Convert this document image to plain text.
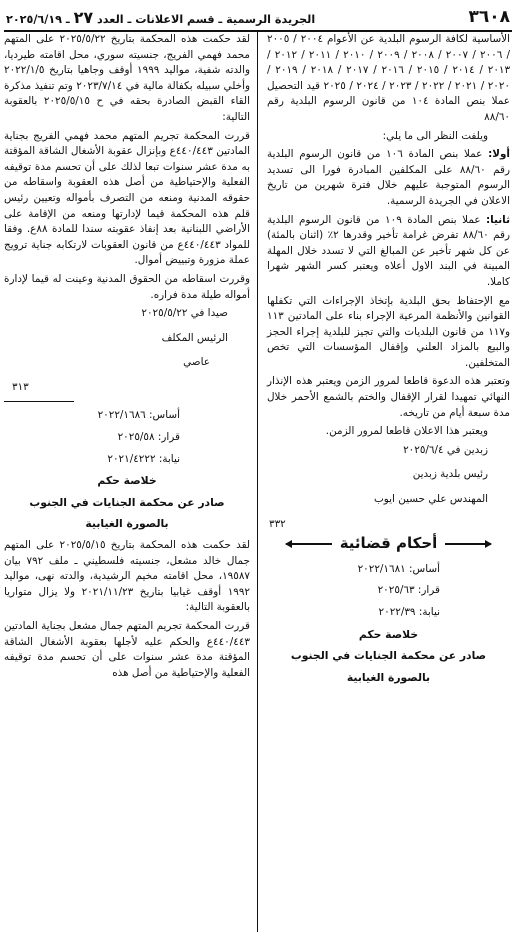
٣٦٠٨
الجريدة الرسمية ـ قسم الاعلانات ـ العدد ٢٧ ـ ٢٠٢٥/٦/١٩

الأساسية لكافة الرسوم البلدية عن الأعوام ٢٠٠٤ / ٢٠٠٥ / ٢٠٠٦ / ٢٠٠٧ / ٢٠٠٨ / ٢٠٠٩ / ٢٠١٠ / ٢٠١١ / ٢٠١٢ / ٢٠١٣ / ٢٠١٤ / ٢٠١٥ / ٢٠١٦ / ٢٠١٧ / ٢٠١٨ / ٢٠١٩ / ٢٠٢٠ / ٢٠٢١ / ٢٠٢٢ / ٢٠٢٣ / ٢٠٢٤ / ٢٠٢٥ قيد التحصيل عملا بنص المادة ١٠٤ من قانون الرسوم البلدية رقم ٨٨/٦٠

ويلفت النظر الى ما يلي:

أولا: عملا بنص المادة ١٠٦ من قانون الرسوم البلدية رقم ٨٨/٦٠ على المكلفين المبادرة فورا الى تسديد الرسوم المتوجبة عليهم خلال فترة شهرين من تاريخ الاعلان في الجريدة الرسمية.

ثانيا: عملا بنص المادة ١٠٩ من قانون الرسوم البلدية رقم ٨٨/٦٠ تفرض غرامة تأخير وقدرها ٢٪ (اثنان بالمئة) عن كل شهر تأخير عن المبالغ التي لا تسدد خلال المهلة المبينة في البند الاول أعلاه ويعتبر كسر الشهر شهرا كاملا.

مع الإحتفاظ بحق البلدية بإتخاذ الإجراءات التي تكفلها القوانين والأنظمة المرعية الإجراء بناء على المادتين ١١٣ و١١٧ من قانون البلديات والتي تجيز للبلدية إجراء الحجز والبيع بالمزاد العلني وإقفال المؤسسات التي تخص المتخلفين.

وتعتبر هذه الدعوة قاطعا لمرور الزمن ويعتبر هذه الإنذار النهائي تمهيدا لقرار الإقفال والختم بالشمع الأحمر خلال مدة سبعة أيام من تاريخه.

ويعتبر هذا الاعلان قاطعا لمرور الزمن.

زبدين في ٢٠٢٥/٦/٤
رئيس بلدية زبدين
المهندس علي حسين ايوب
٣٣٢
أحكام قضائية
أساس: ٢٠٢٢/١٦٨١
قرار: ٢٠٢٥/٦٣
نيابة: ٢٠٢٢/٣٩
خلاصة حكم
صادر عن محكمة الجنايات في الجنوب
بالصورة الغيابية

لقد حكمت هذه المحكمة بتاريخ ٢٠٢٥/٥/٢٢ على المتهم محمد فهمي الفريج، جنسيته سوري، محل اقامته طيرديا، والدته شفية، مواليد ١٩٩٩ أوقف وجاهيا بتاريخ ٢٠٢٢/١/٥ وأخلي سبيله بكفالة مالية في ٢٠٢٣/٧/١٤ وتم تنفيذ مذكرة القاء القبض الصادرة بحقه في ح ٢٠٢٥/٥/١٥ بالعقوبة التالية:

قررت المحكمة تجريم المتهم محمد فهمي الفريج بجناية المادتين ٤٤٠/٤٤٣ع وبإنزال عقوبة الأشغال الشاقة المؤقتة به مدة عشر سنوات تبعا لذلك على أن تحسم مدة توقيفه الفعلية والإحتياطية من أصل هذه العقوبة واسقاطه من حقوقه المدنية ومنعه من التصرف بأمواله وتعيين رئيس قلم هذه المحكمة قيما لإدارتها ومنعه من الإقامة على الأراضي اللبنانية بعد إنفاذ عقوبته سندا للمادة ٨٨ع. وفقا للمواد ٤٤٠/٤٤٣ع من قانون العقوبات لارتكابه جناية ترويج عملة مزورة وتبييض أموال.

وقررت اسقاطه من الحقوق المدنية وعينت له قيما لإدارة أمواله طيلة مدة فراره.

صيدا في ٢٠٢٥/٥/٢٢
الرئيس المكلف
عاصي
٣١٣
أساس: ٢٠٢٢/١٦٨٦
قرار: ٢٠٢٥/٥٨
نيابة: ٢٠٢١/٤٢٢٢
خلاصة حكم
صادر عن محكمة الجنايات في الجنوب
بالصورة الغيابية

لقد حكمت هذه المحكمة بتاريخ ٢٠٢٥/٥/١٥ على المتهم جمال خالد مشعل، جنسيته فلسطيني ـ ملف ٧٩٢ بيان ١٩٥٨٧، محل اقامته مخيم الرشيدية، والدته نهى، مواليد ١٩٩٢ أوقف غيابيا بتاريخ ٢٠٢١/١١/٢٣ ولا يزال متواريا بالعقوبة التالية:

قررت المحكمة تجريم المتهم جمال مشعل بجناية المادتين ٤٤٠/٤٤٣ع والحكم عليه لأجلها بعقوبة الأشغال الشاقة المؤقتة مدة عشر سنوات على أن تحسم مدة توقيفه الفعلية والإحتياطية من أصل هذه
